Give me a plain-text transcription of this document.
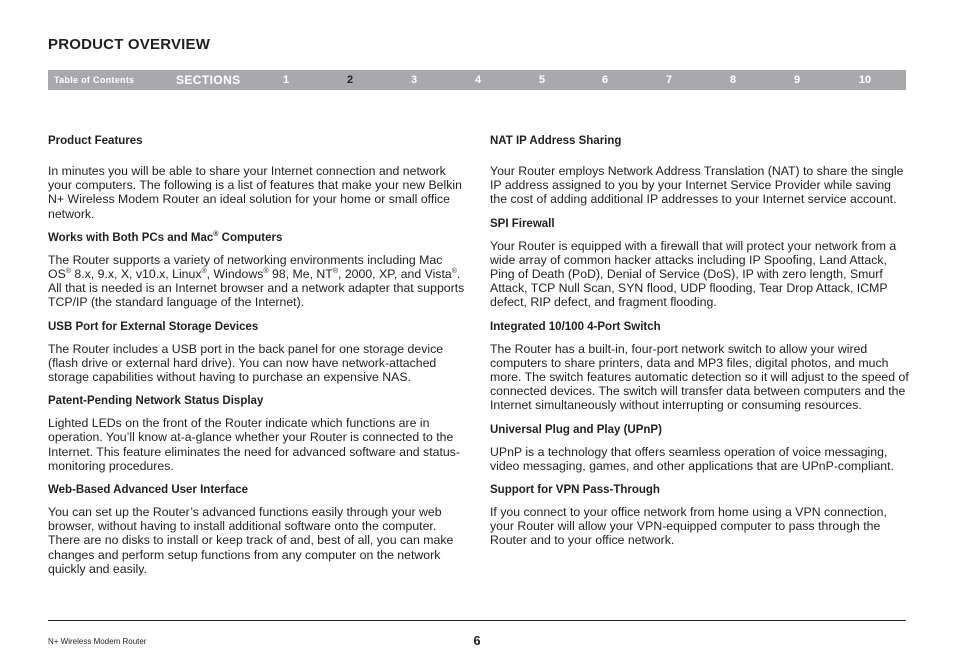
PRODUCT OVERVIEW
Table of Contents	SECTIONS	1	2	3	4	5	6	7	8	9	10
Product Features

In minutes you will be able to share your Internet connection and network your computers. The following is a list of features that make your new Belkin N+ Wireless Modem Router an ideal solution for your home or small office network.

Works with Both PCs and Mac® Computers

The Router supports a variety of networking environments including Mac OS® 8.x, 9.x, X, v10.x, Linux®, Windows® 98, Me, NT®, 2000, XP, and Vista®. All that is needed is an Internet browser and a network adapter that supports TCP/IP (the standard language of the Internet).

USB Port for External Storage Devices

The Router includes a USB port in the back panel for one storage device (flash drive or external hard drive). You can now have network-attached storage capabilities without having to purchase an expensive NAS.

Patent-Pending Network Status Display

Lighted LEDs on the front of the Router indicate which functions are in operation. You’ll know at-a-glance whether your Router is connected to the Internet. This feature eliminates the need for advanced software and status-monitoring procedures.

Web-Based Advanced User Interface

You can set up the Router’s advanced functions easily through your web browser, without having to install additional software onto the computer. There are no disks to install or keep track of and, best of all, you can make changes and perform setup functions from any computer on the network quickly and easily.

NAT IP Address Sharing

Your Router employs Network Address Translation (NAT) to share the single IP address assigned to you by your Internet Service Provider while saving the cost of adding additional IP addresses to your Internet service account.

SPI Firewall

Your Router is equipped with a firewall that will protect your network from a wide array of common hacker attacks including IP Spoofing, Land Attack, Ping of Death (PoD), Denial of Service (DoS), IP with zero length, Smurf Attack, TCP Null Scan, SYN flood, UDP flooding, Tear Drop Attack, ICMP defect, RIP defect, and fragment flooding.

Integrated 10/100 4-Port Switch

The Router has a built-in, four-port network switch to allow your wired computers to share printers, data and MP3 files, digital photos, and much more. The switch features automatic detection so it will adjust to the speed of connected devices. The switch will transfer data between computers and the Internet simultaneously without interrupting or consuming resources.

Universal Plug and Play (UPnP)

UPnP is a technology that offers seamless operation of voice messaging, video messaging, games, and other applications that are UPnP-compliant.

Support for VPN Pass-Through

If you connect to your office network from home using a VPN connection, your Router will allow your VPN-equipped computer to pass through the Router and to your office network.

N+ Wireless Modem Router	6
